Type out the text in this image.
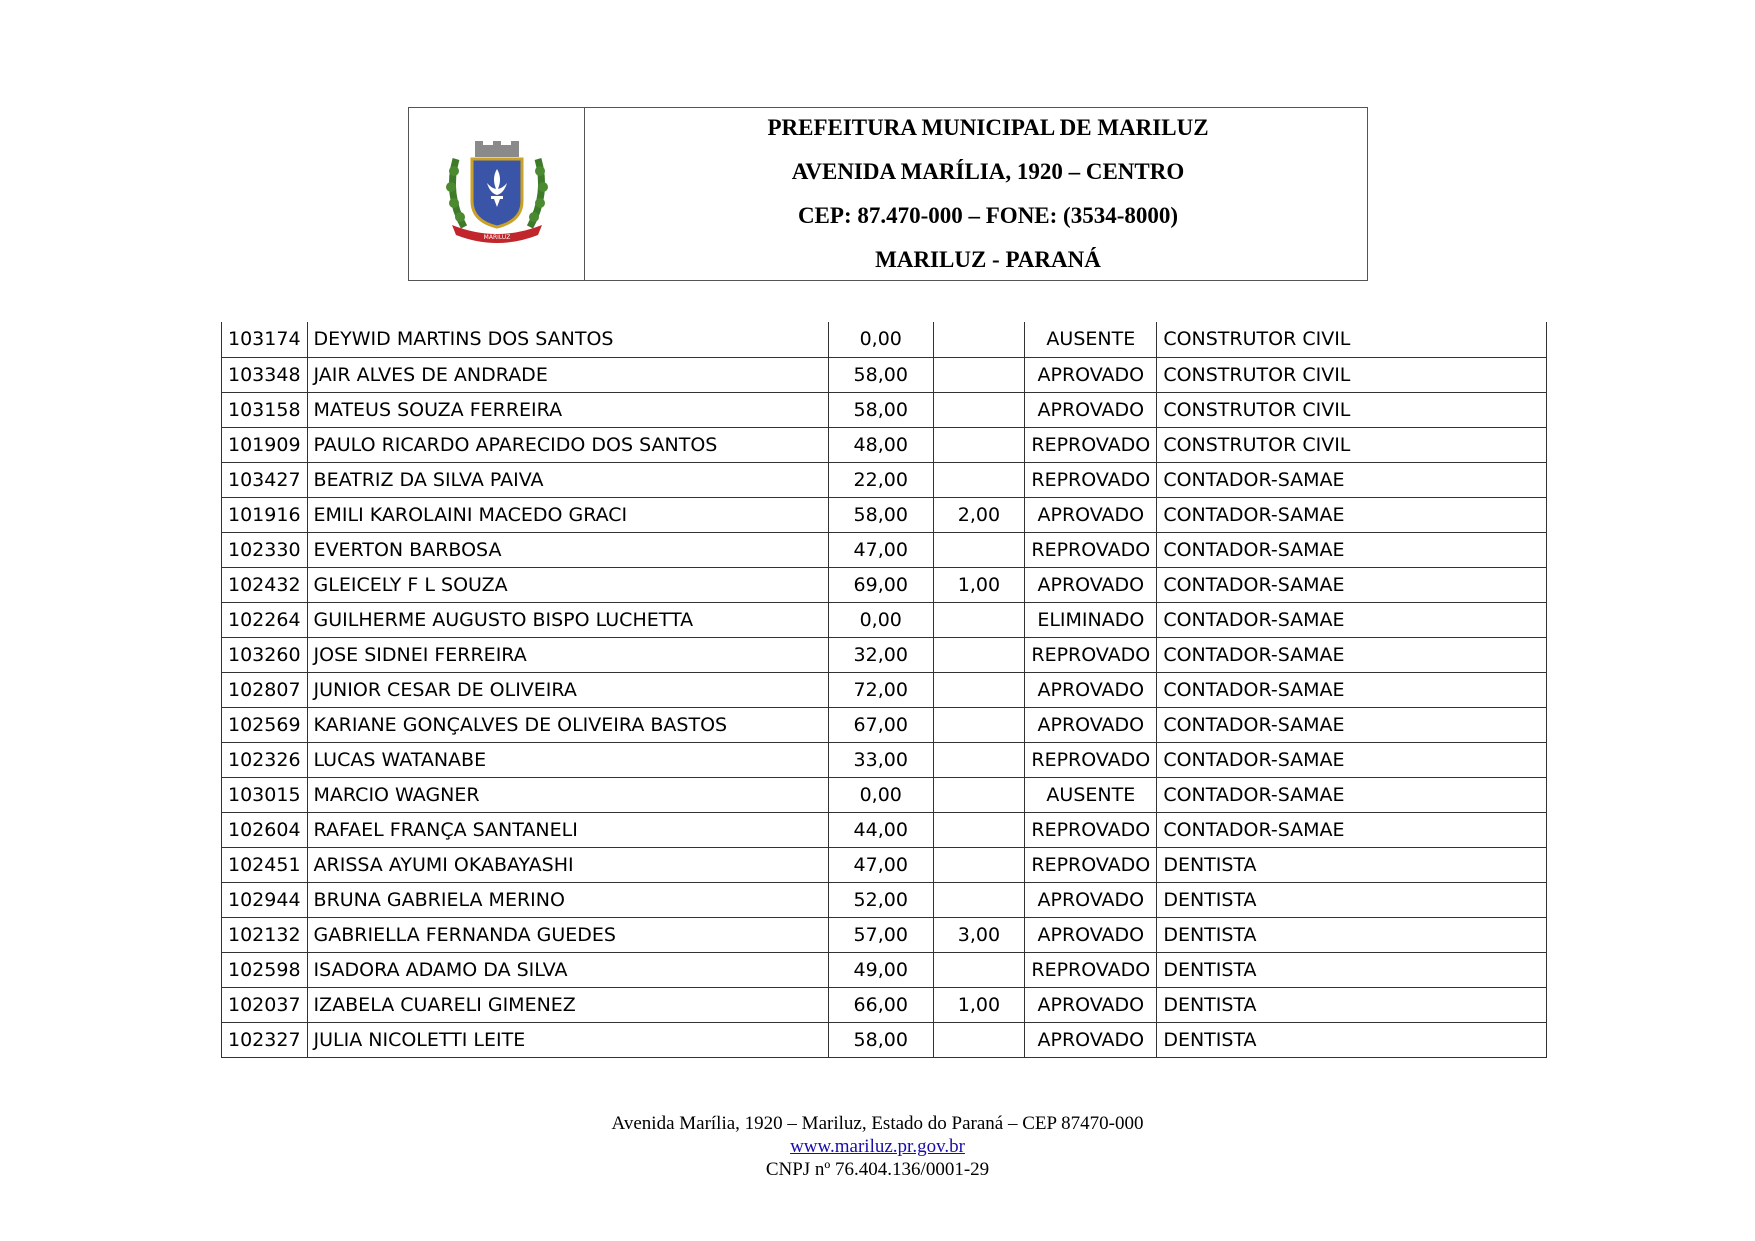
MARILUZ
PREFEITURA MUNICIPAL DE MARILUZ
AVENIDA MARÍLIA, 1920 – CENTRO
CEP: 87.470-000 – FONE: (3534-8000)
MARILUZ - PARANÁ
103174	DEYWID MARTINS DOS SANTOS	0,00		AUSENTE	CONSTRUTOR CIVIL
103348	JAIR ALVES DE ANDRADE	58,00		APROVADO	CONSTRUTOR CIVIL
103158	MATEUS SOUZA FERREIRA	58,00		APROVADO	CONSTRUTOR CIVIL
101909	PAULO RICARDO APARECIDO DOS SANTOS	48,00		REPROVADO	CONSTRUTOR CIVIL
103427	BEATRIZ DA SILVA PAIVA	22,00		REPROVADO	CONTADOR-SAMAE
101916	EMILI KAROLAINI MACEDO GRACI	58,00	2,00	APROVADO	CONTADOR-SAMAE
102330	EVERTON BARBOSA	47,00		REPROVADO	CONTADOR-SAMAE
102432	GLEICELY F L SOUZA	69,00	1,00	APROVADO	CONTADOR-SAMAE
102264	GUILHERME AUGUSTO BISPO LUCHETTA	0,00		ELIMINADO	CONTADOR-SAMAE
103260	JOSE SIDNEI FERREIRA	32,00		REPROVADO	CONTADOR-SAMAE
102807	JUNIOR CESAR DE OLIVEIRA	72,00		APROVADO	CONTADOR-SAMAE
102569	KARIANE GONÇALVES DE OLIVEIRA BASTOS	67,00		APROVADO	CONTADOR-SAMAE
102326	LUCAS WATANABE	33,00		REPROVADO	CONTADOR-SAMAE
103015	MARCIO WAGNER	0,00		AUSENTE	CONTADOR-SAMAE
102604	RAFAEL FRANÇA SANTANELI	44,00		REPROVADO	CONTADOR-SAMAE
102451	ARISSA AYUMI OKABAYASHI	47,00		REPROVADO	DENTISTA
102944	BRUNA GABRIELA MERINO	52,00		APROVADO	DENTISTA
102132	GABRIELLA FERNANDA GUEDES	57,00	3,00	APROVADO	DENTISTA
102598	ISADORA ADAMO DA SILVA	49,00		REPROVADO	DENTISTA
102037	IZABELA CUARELI GIMENEZ	66,00	1,00	APROVADO	DENTISTA
102327	JULIA NICOLETTI LEITE	58,00		APROVADO	DENTISTA
Avenida Marília, 1920 – Mariluz, Estado do Paraná – CEP 87470-000
www.mariluz.pr.gov.br
CNPJ nº 76.404.136/0001-29
